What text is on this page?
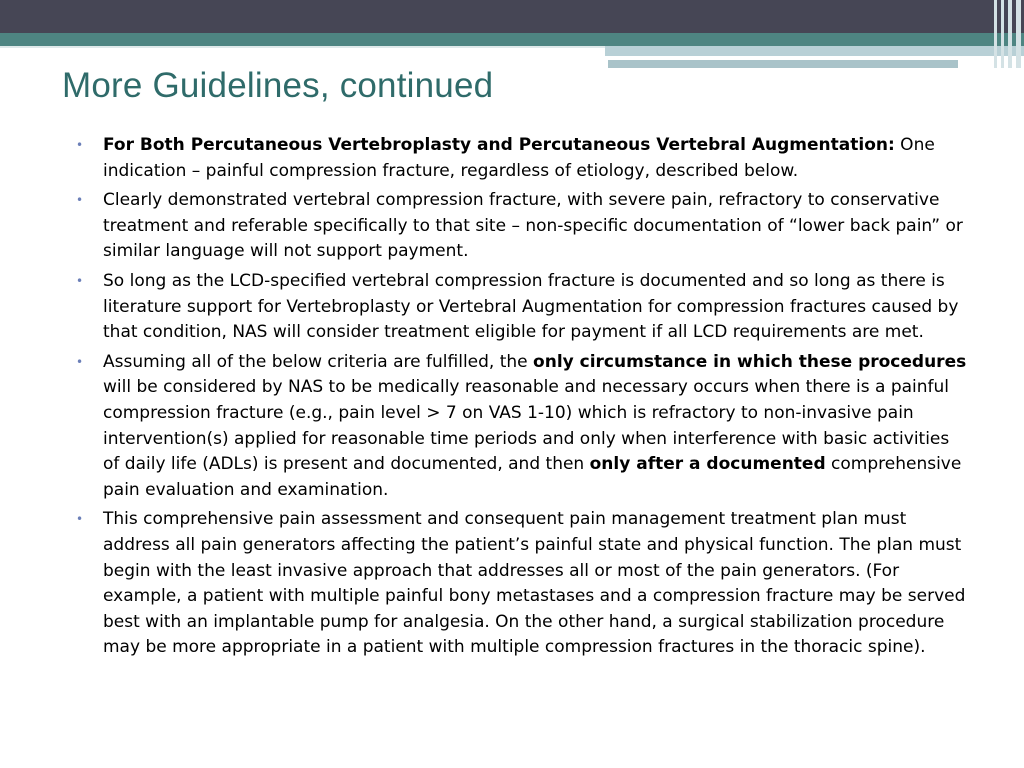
More Guidelines, continued
• For Both Percutaneous Vertebroplasty and Percutaneous Vertebral Augmentation: One indication – painful compression fracture, regardless of etiology, described below.
• Clearly demonstrated vertebral compression fracture, with severe pain, refractory to conservative treatment and referable specifically to that site – non-specific documentation of “lower back pain” or similar language will not support payment.
• So long as the LCD-specified vertebral compression fracture is documented and so long as there is literature support for Vertebroplasty or Vertebral Augmentation for compression fractures caused by that condition, NAS will consider treatment eligible for payment if all LCD requirements are met.
• Assuming all of the below criteria are fulfilled, the only circumstance in which these procedures will be considered by NAS to be medically reasonable and necessary occurs when there is a painful compression fracture (e.g., pain level > 7 on VAS 1-10) which is refractory to non-invasive pain intervention(s) applied for reasonable time periods and only when interference with basic activities of daily life (ADLs) is present and documented, and then only after a documented comprehensive pain evaluation and examination.
• This comprehensive pain assessment and consequent pain management treatment plan must address all pain generators affecting the patient’s painful state and physical function. The plan must begin with the least invasive approach that addresses all or most of the pain generators. (For example, a patient with multiple painful bony metastases and a compression fracture may be served best with an implantable pump for analgesia. On the other hand, a surgical stabilization procedure may be more appropriate in a patient with multiple compression fractures in the thoracic spine).
